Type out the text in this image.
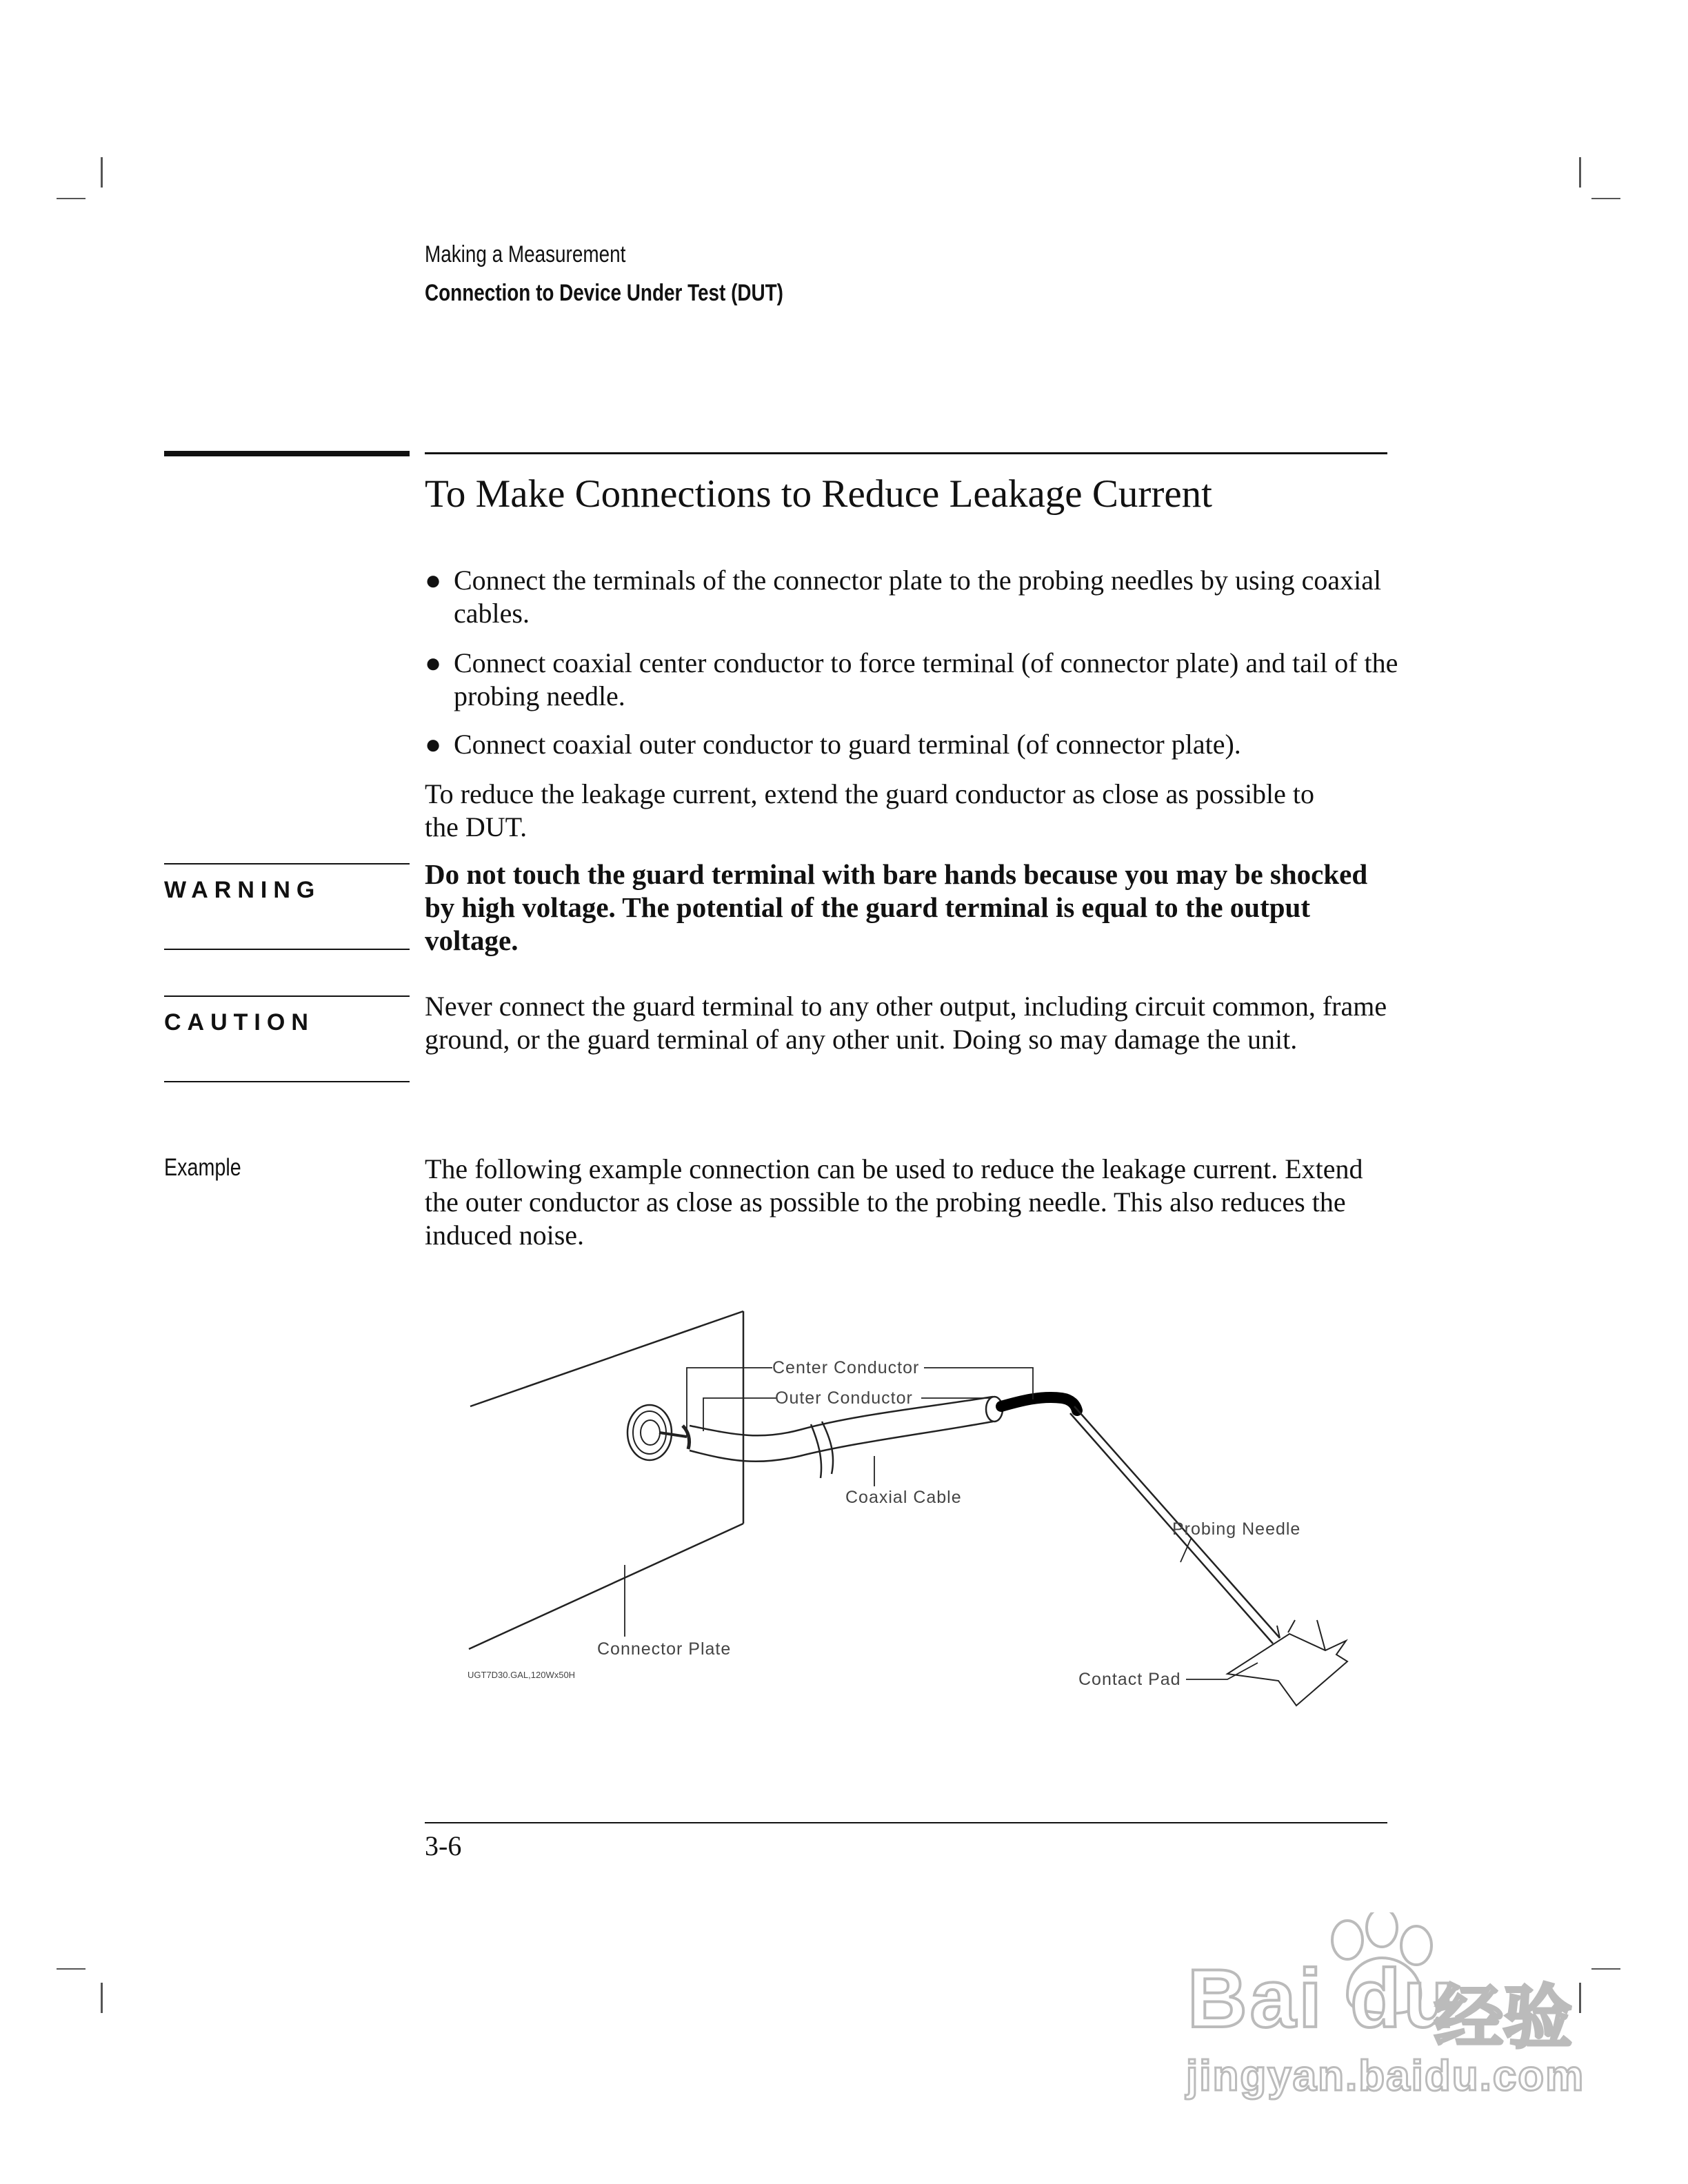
Making a Measurement
Connection to Device Under Test (DUT)
To Make Connections to Reduce Leakage Current
● Connect the terminals of the connector plate to the probing needles by using coaxial cables.
● Connect coaxial center conductor to force terminal (of connector plate) and tail of the probing needle.
● Connect coaxial outer conductor to guard terminal (of connector plate).
To reduce the leakage current, extend the guard conductor as close as possible to the DUT.
WARNING	Do not touch the guard terminal with bare hands because you may be shocked by high voltage. The potential of the guard terminal is equal to the output voltage.
CAUTION
Never connect the guard terminal to any other output, including circuit common, frame ground, or the guard terminal of any other unit. Doing so may damage the unit.
Example	The following example connection can be used to reduce the leakage current. Extend the outer conductor as close as possible to the probing needle. This also reduces the induced noise.
Center Conductor
Outer Conductor
Coaxial Cable
Probing Needle
Connector Plate
Contact Pad
UGT7D30.GAL,120Wx50H
3-6
Bai du
经验
jingyan.baidu.com
